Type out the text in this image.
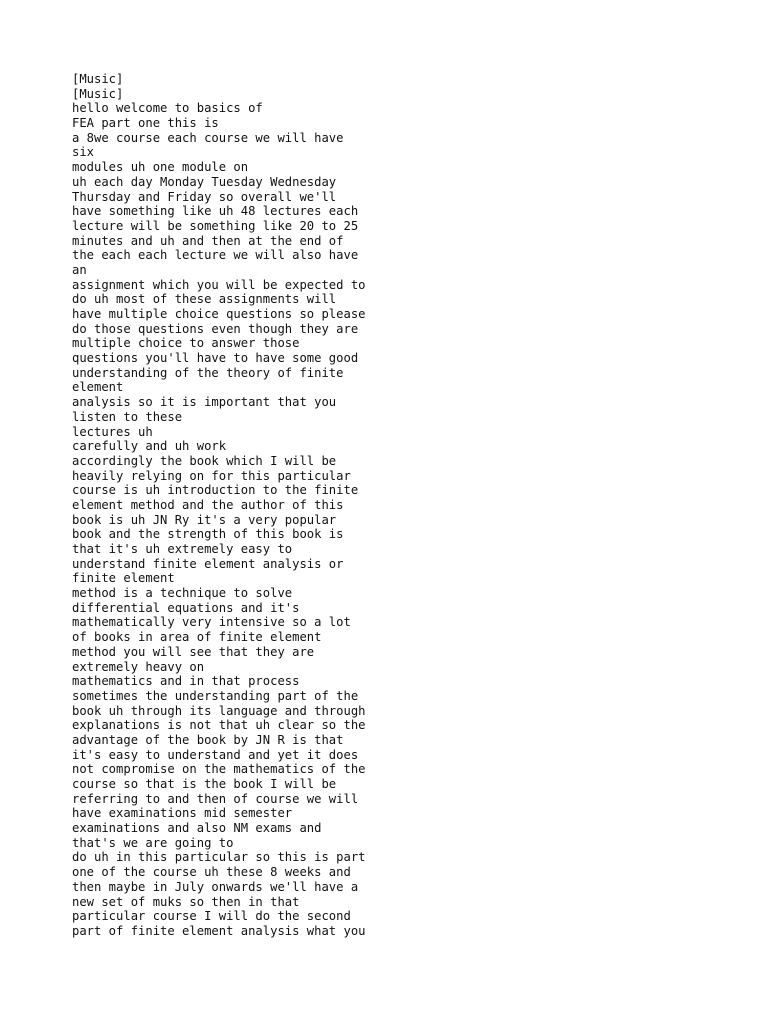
[Music]
[Music]
hello welcome to basics of
FEA part one this is
a 8we course each course we will have
six
modules uh one module on
uh each day Monday Tuesday Wednesday
Thursday and Friday so overall we'll
have something like uh 48 lectures each
lecture will be something like 20 to 25
minutes and uh and then at the end of
the each each lecture we will also have
an
assignment which you will be expected to
do uh most of these assignments will
have multiple choice questions so please
do those questions even though they are
multiple choice to answer those
questions you'll have to have some good
understanding of the theory of finite
element
analysis so it is important that you
listen to these
lectures uh
carefully and uh work
accordingly the book which I will be
heavily relying on for this particular
course is uh introduction to the finite
element method and the author of this
book is uh JN Ry it's a very popular
book and the strength of this book is
that it's uh extremely easy to
understand finite element analysis or
finite element
method is a technique to solve
differential equations and it's
mathematically very intensive so a lot
of books in area of finite element
method you will see that they are
extremely heavy on
mathematics and in that process
sometimes the understanding part of the
book uh through its language and through
explanations is not that uh clear so the
advantage of the book by JN R is that
it's easy to understand and yet it does
not compromise on the mathematics of the
course so that is the book I will be
referring to and then of course we will
have examinations mid semester
examinations and also NM exams and
that's we are going to
do uh in this particular so this is part
one of the course uh these 8 weeks and
then maybe in July onwards we'll have a
new set of muks so then in that
particular course I will do the second
part of finite element analysis what you
